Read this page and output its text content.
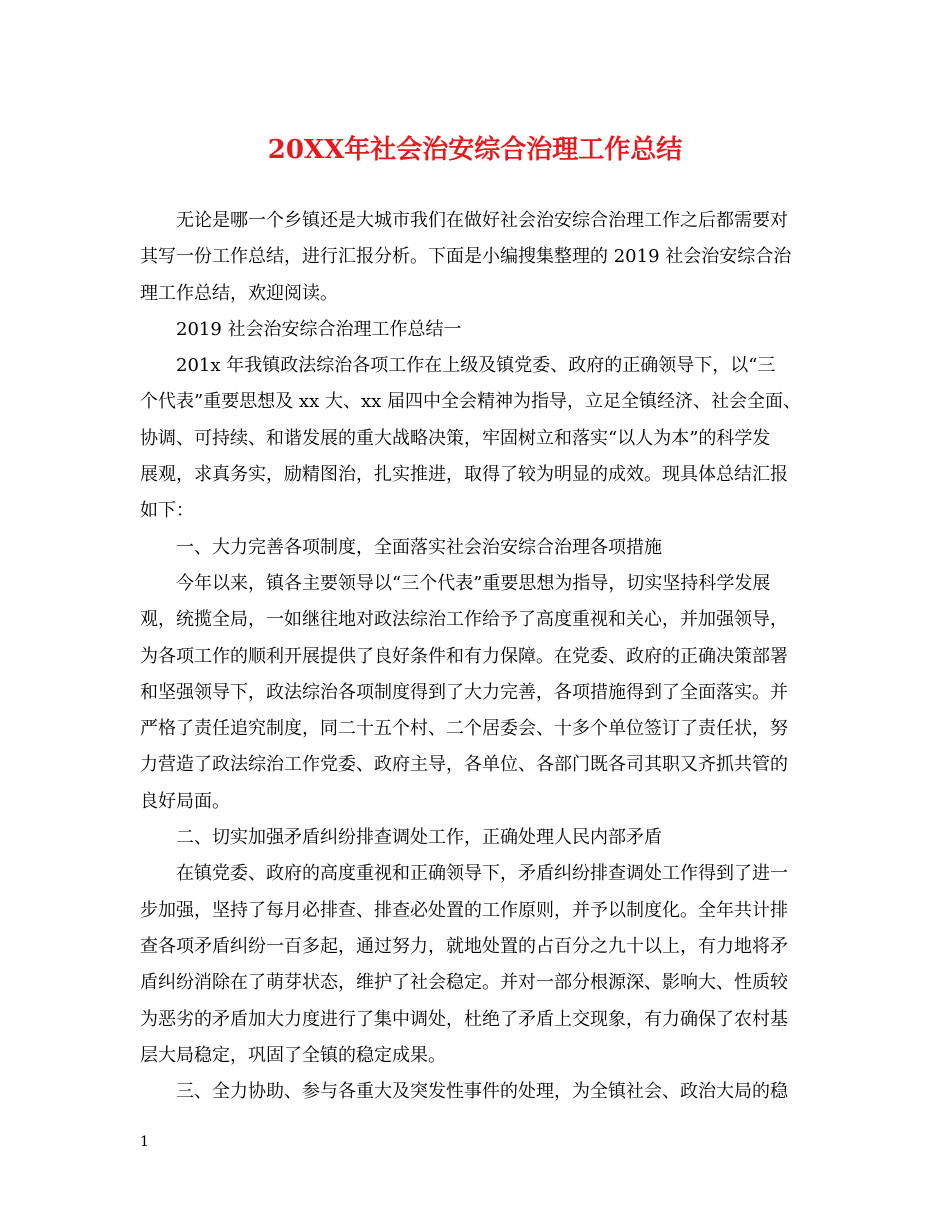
20XX年社会治安综合治理工作总结

无论是哪一个乡镇还是大城市我们在做好社会治安综合治理工作之后都需要对
其写一份工作总结，进行汇报分析。下面是小编搜集整理的 2019 社会治安综合治
理工作总结，欢迎阅读。

2019 社会治安综合治理工作总结一

201x 年我镇政法综治各项工作在上级及镇党委、政府的正确领导下，以“三
个代表”重要思想及 xx 大、xx 届四中全会精神为指导，立足全镇经济、社会全面、
协调、可持续、和谐发展的重大战略决策，牢固树立和落实“以人为本”的科学发
展观，求真务实，励精图治，扎实推进，取得了较为明显的成效。现具体总结汇报
如下：

一、大力完善各项制度，全面落实社会治安综合治理各项措施

今年以来，镇各主要领导以“三个代表”重要思想为指导，切实坚持科学发展
观，统揽全局，一如继往地对政法综治工作给予了高度重视和关心，并加强领导，
为各项工作的顺利开展提供了良好条件和有力保障。在党委、政府的正确决策部署
和坚强领导下，政法综治各项制度得到了大力完善，各项措施得到了全面落实。并
严格了责任追究制度，同二十五个村、二个居委会、十多个单位签订了责任状，努
力营造了政法综治工作党委、政府主导，各单位、各部门既各司其职又齐抓共管的
良好局面。

二、切实加强矛盾纠纷排查调处工作，正确处理人民内部矛盾

在镇党委、政府的高度重视和正确领导下，矛盾纠纷排查调处工作得到了进一
步加强，坚持了每月必排查、排查必处置的工作原则，并予以制度化。全年共计排
查各项矛盾纠纷一百多起，通过努力，就地处置的占百分之九十以上，有力地将矛
盾纠纷消除在了萌芽状态，维护了社会稳定。并对一部分根源深、影响大、性质较
为恶劣的矛盾加大力度进行了集中调处，杜绝了矛盾上交现象，有力确保了农村基
层大局稳定，巩固了全镇的稳定成果。

三、全力协助、参与各重大及突发性事件的处理，为全镇社会、政治大局的稳

1
